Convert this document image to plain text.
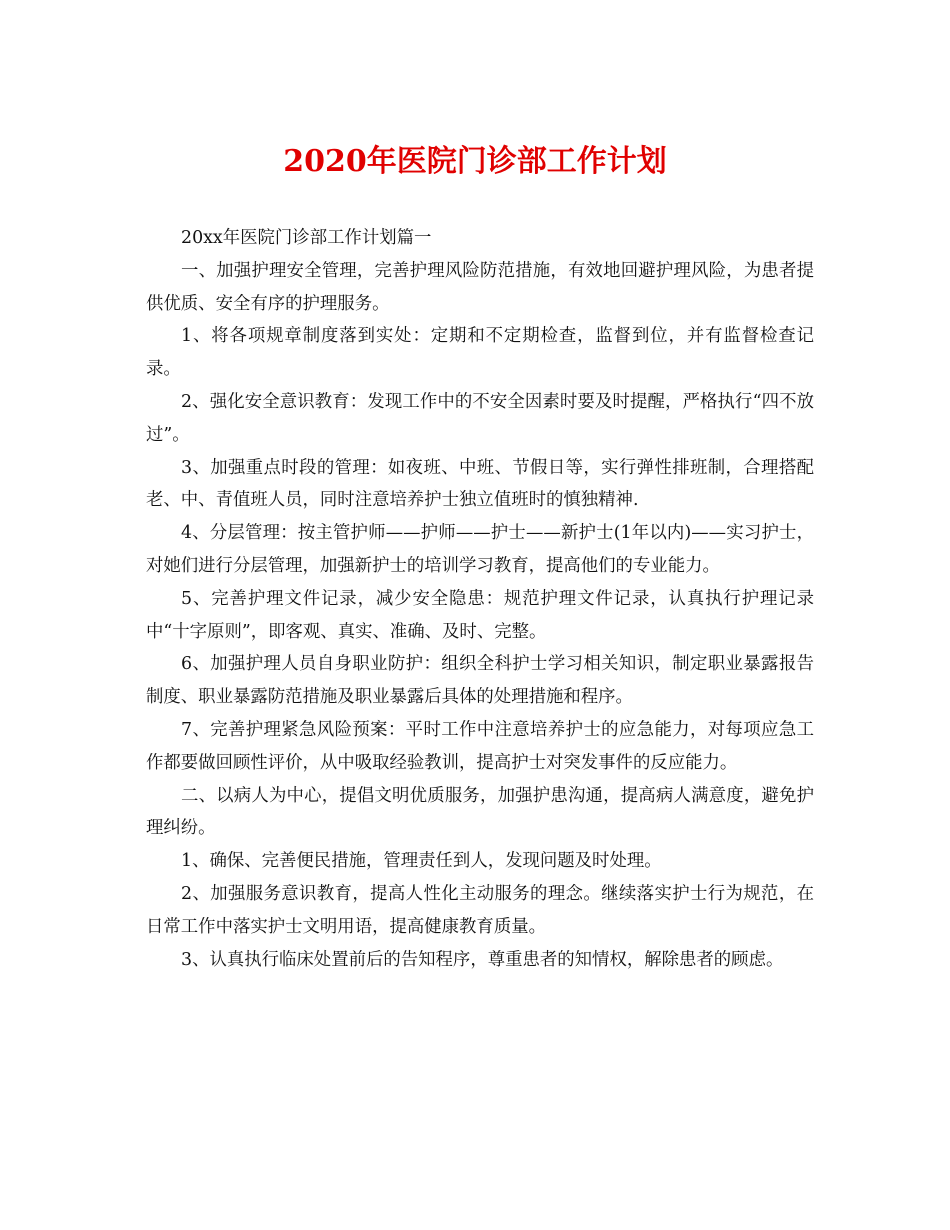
2020年医院门诊部工作计划

20xx年医院门诊部工作计划篇一

一、加强护理安全管理，完善护理风险防范措施，有效地回避护理风险，为患者提供优质、安全有序的护理服务。

1、将各项规章制度落到实处：定期和不定期检查，监督到位，并有监督检查记录。

2、强化安全意识教育：发现工作中的不安全因素时要及时提醒，严格执行“四不放过”。

3、加强重点时段的管理：如夜班、中班、节假日等，实行弹性排班制，合理搭配老、中、青值班人员，同时注意培养护士独立值班时的慎独精神.

4、分层管理：按主管护师——护师——护士——新护士(1年以内)——实习护士，对她们进行分层管理，加强新护士的培训学习教育，提高他们的专业能力。

5、完善护理文件记录，减少安全隐患：规范护理文件记录，认真执行护理记录中“十字原则”，即客观、真实、准确、及时、完整。

6、加强护理人员自身职业防护：组织全科护士学习相关知识，制定职业暴露报告制度、职业暴露防范措施及职业暴露后具体的处理措施和程序。

7、完善护理紧急风险预案：平时工作中注意培养护士的应急能力，对每项应急工作都要做回顾性评价，从中吸取经验教训，提高护士对突发事件的反应能力。

二、以病人为中心，提倡文明优质服务，加强护患沟通，提高病人满意度，避免护理纠纷。

1、确保、完善便民措施，管理责任到人，发现问题及时处理。

2、加强服务意识教育，提高人性化主动服务的理念。继续落实护士行为规范，在日常工作中落实护士文明用语，提高健康教育质量。

3、认真执行临床处置前后的告知程序，尊重患者的知情权，解除患者的顾虑。
